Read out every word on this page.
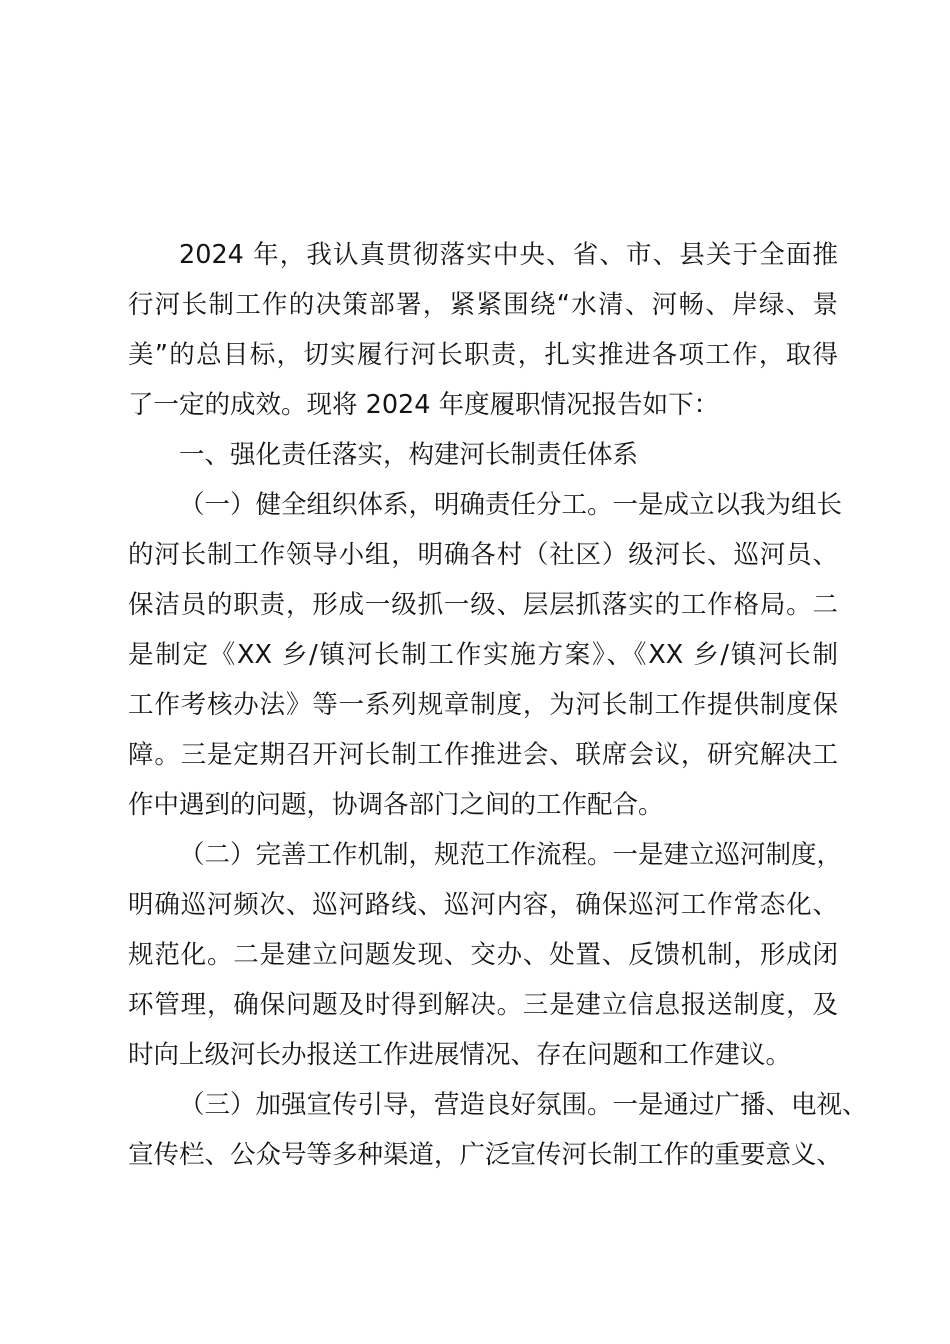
2024 年，我认真贯彻落实中央、省、市、县关于全面推
行河长制工作的决策部署，紧紧围绕“水清、河畅、岸绿、景
美”的总目标，切实履行河长职责，扎实推进各项工作，取得
了一定的成效。现将 2024 年度履职情况报告如下：
一、强化责任落实，构建河长制责任体系
（一）健全组织体系，明确责任分工。一是成立以我为组长
的河长制工作领导小组，明确各村（社区）级河长、巡河员、
保洁员的职责，形成一级抓一级、层层抓落实的工作格局。二
是制定《XX 乡/镇河长制工作实施方案》、《XX 乡/镇河长制
工作考核办法》等一系列规章制度，为河长制工作提供制度保
障。三是定期召开河长制工作推进会、联席会议，研究解决工
作中遇到的问题，协调各部门之间的工作配合。
（二）完善工作机制，规范工作流程。一是建立巡河制度，
明确巡河频次、巡河路线、巡河内容，确保巡河工作常态化、
规范化。二是建立问题发现、交办、处置、反馈机制，形成闭
环管理，确保问题及时得到解决。三是建立信息报送制度，及
时向上级河长办报送工作进展情况、存在问题和工作建议。
（三）加强宣传引导，营造良好氛围。一是通过广播、电视、
宣传栏、公众号等多种渠道，广泛宣传河长制工作的重要意义、
